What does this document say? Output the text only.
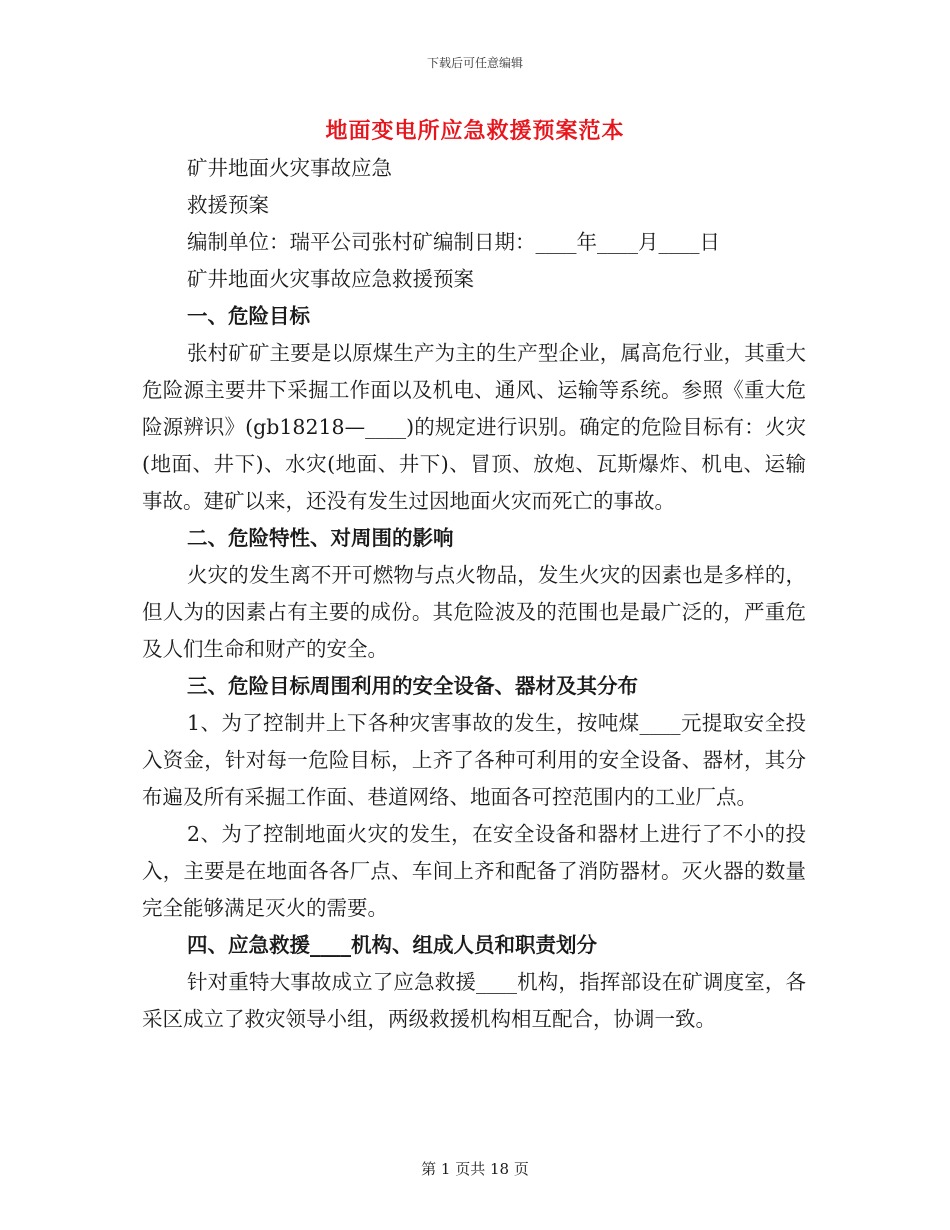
下载后可任意编辑
地面变电所应急救援预案范本
矿井地面火灾事故应急
救援预案
编制单位：瑞平公司张村矿编制日期：____年____月____日
矿井地面火灾事故应急救援预案
一、危险目标
张村矿矿主要是以原煤生产为主的生产型企业，属高危行业，其重大危险源主要井下采掘工作面以及机电、通风、运输等系统。参照《重大危险源辨识》(gb18218—____)的规定进行识别。确定的危险目标有：火灾(地面、井下)、水灾(地面、井下)、冒顶、放炮、瓦斯爆炸、机电、运输事故。建矿以来，还没有发生过因地面火灾而死亡的事故。
二、危险特性、对周围的影响
火灾的发生离不开可燃物与点火物品，发生火灾的因素也是多样的，但人为的因素占有主要的成份。其危险波及的范围也是最广泛的，严重危及人们生命和财产的安全。
三、危险目标周围利用的安全设备、器材及其分布
1、为了控制井上下各种灾害事故的发生，按吨煤____元提取安全投入资金，针对每一危险目标，上齐了各种可利用的安全设备、器材，其分布遍及所有采掘工作面、巷道网络、地面各可控范围内的工业厂点。
2、为了控制地面火灾的发生，在安全设备和器材上进行了不小的投入，主要是在地面各各厂点、车间上齐和配备了消防器材。灭火器的数量完全能够满足灭火的需要。
四、应急救援____机构、组成人员和职责划分
针对重特大事故成立了应急救援____机构，指挥部设在矿调度室，各采区成立了救灾领导小组，两级救援机构相互配合，协调一致。
第 1 页共 18 页
